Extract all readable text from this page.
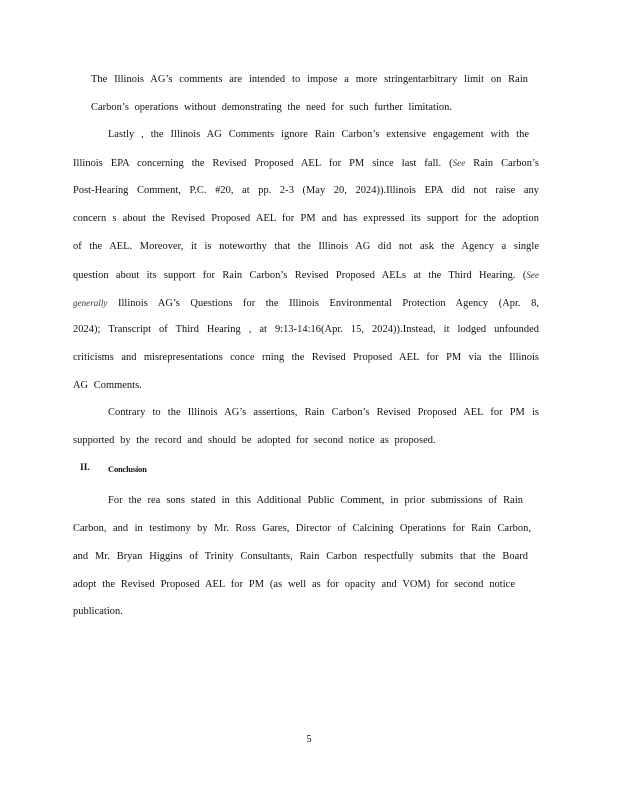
The Illinois AG’s comments are intended to impose a more stringentarbitrary limit on Rain
Carbon’s operations without demonstrating the need for such further limitation.
Lastly , the Illinois AG Comments ignore Rain Carbon’s extensive engagement with the
Illinois EPA concerning the Revised Proposed AEL for PM since last fall. (See Rain Carbon’s
Post-Hearing Comment, P.C. #20, at pp. 2-3 (May 20, 2024)).Illinois EPA did not raise any
concern s about the Revised Proposed AEL for PM and has expressed its support for the adoption
of the AEL. Moreover, it is noteworthy that the Illinois AG did not ask the Agency a single
question about its support for Rain Carbon’s Revised Proposed AELs at the Third Hearing. (See
generally Illinois AG’s Questions for the Illinois Environmental Protection Agency (Apr. 8,
2024); Transcript of Third Hearing , at 9:13-14:16(Apr. 15, 2024)).Instead, it lodged unfounded
criticisms and misrepresentations conce rning the Revised Proposed AEL for PM via the Illinois
AG Comments.
Contrary to the Illinois AG’s assertions, Rain Carbon’s Revised Proposed AEL for PM is
supported by the record and should be adopted for second notice as proposed.
II. Conclusion
For the rea sons stated in this Additional Public Comment, in prior submissions of Rain
Carbon, and in testimony by Mr. Ross Gares, Director of Calcining Operations for Rain Carbon,
and Mr. Bryan Higgins of Trinity Consultants, Rain Carbon respectfully submits that the Board
adopt the Revised Proposed AEL for PM (as well as for opacity and VOM) for second notice
publication.
5
